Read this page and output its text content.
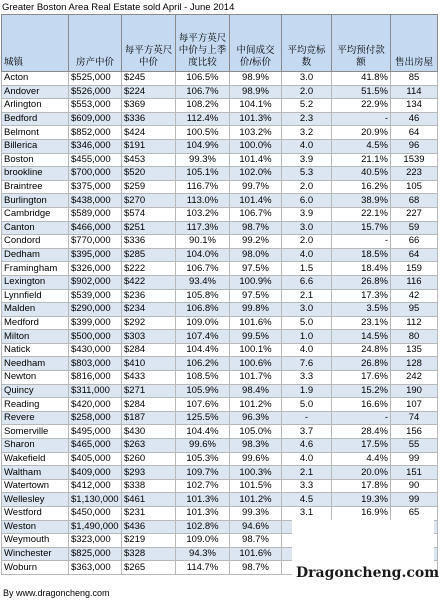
Greater Boston Area Real Estate sold April - June 2014
城镇	房产中价	每平方英尺中价	每平方英尺中价与上季度比较	中间成交价/标价	平均竞标数	平均预付款额	售出房屋

Acton	$525,000	$245	106.5%	98.9%	3.0	41.8%	85
Andover	$526,000	$224	106.7%	98.9%	2.0	51.5%	114
Arlington	$553,000	$369	108.2%	104.1%	5.2	22.9%	134
Bedford	$609,000	$336	112.4%	101.3%	2.3	-	46
Belmont	$852,000	$424	100.5%	103.2%	3.2	20.9%	64
Billerica	$346,000	$191	104.9%	100.0%	4.0	4.5%	96
Boston	$455,000	$453	99.3%	101.4%	3.9	21.1%	1539
brookline	$700,000	$520	105.1%	102.0%	5.3	40.5%	223
Braintree	$375,000	$259	116.7%	99.7%	2.0	16.2%	105
Burlington	$438,000	$270	113.0%	101.4%	6.0	38.9%	68
Cambridge	$589,000	$574	103.2%	106.7%	3.9	22.1%	227
Canton	$466,000	$251	117.3%	98.7%	3.0	15.7%	59
Condord	$770,000	$336	90.1%	99.2%	2.0	-	66
Dedham	$395,000	$285	104.0%	98.0%	4.0	18.5%	64
Framingham	$326,000	$222	106.7%	97.5%	1.5	18.4%	159
Lexington	$902,000	$422	93.4%	100.9%	6.6	26.8%	116
Lynnfield	$539,000	$236	105.8%	97.5%	2.1	17.3%	42
Malden	$290,000	$234	106.8%	99.8%	3.0	3.5%	95
Medford	$399,000	$292	109.0%	101.6%	5.0	23.1%	112
Milton	$500,000	$303	107.4%	99.5%	1.0	14.5%	80
Natick	$430,000	$284	104.4%	100.1%	4.0	24.8%	135
Needham	$803,000	$410	106.2%	100.6%	7.6	26.8%	128
Newton	$816,000	$433	108.5%	101.7%	3.3	17.6%	242
Quincy	$311,000	$271	105.9%	98.4%	1.9	15.2%	190
Reading	$420,000	$284	107.6%	101.2%	5.0	16.6%	107
Revere	$258,000	$187	125.5%	96.3%	-	-	74
Somerville	$495,000	$430	104.4%	105.0%	3.7	28.4%	156
Sharon	$465,000	$263	99.6%	98.3%	4.6	17.5%	55
Wakefield	$405,000	$260	105.3%	99.6%	4.0	4.4%	99
Waltham	$409,000	$293	109.7%	100.3%	2.1	20.0%	151
Watertown	$412,000	$338	102.7%	101.5%	3.3	17.8%	90
Wellesley	$1,130,000	$461	101.3%	101.2%	4.5	19.3%	99
Westford	$450,000	$231	101.3%	99.3%	3.1	16.9%	65
Weston	$1,490,000	$436	102.8%	94.6%			
Weymouth	$323,000	$219	109.0%	98.7%			
Winchester	$825,000	$328	94.3%	101.6%			
Woburn	$363,000	$265	114.7%	98.7%			Dragoncheng.com
By www.dragoncheng.com
